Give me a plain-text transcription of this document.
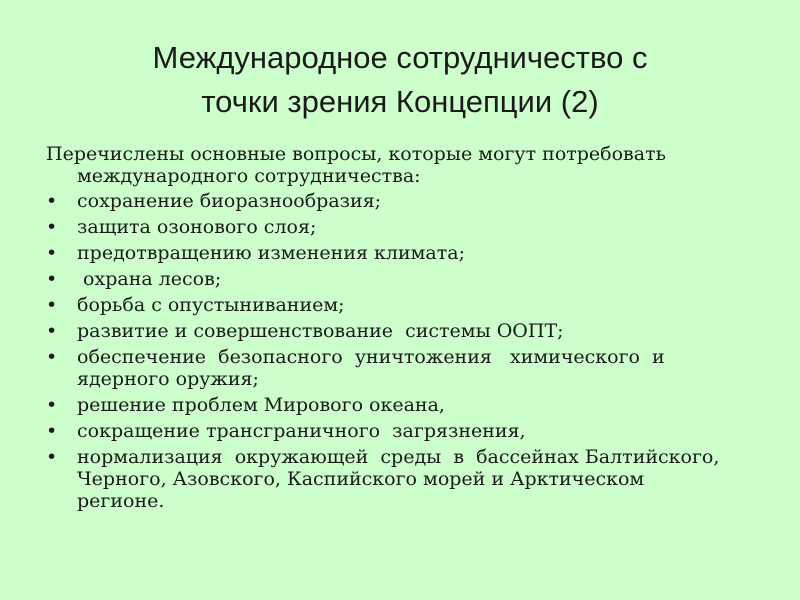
Международное сотрудничество с
точки зрения Концепции (2)

Перечислены основные вопросы, которые могут потребовать международного сотрудничества:

•	сохранение биоразнообразия;
•	защита озонового слоя;
•	предотвращению изменения климата;
•	охрана лесов;
•	борьба с опустыниванием;
•	развитие и совершенствование  системы ООПТ;
•	обеспечение  безопасного  уничтожения   химического  и ядерного оружия;
•	решение проблем Мирового океана,
•	сокращение трансграничного  загрязнения,
•	нормализация  окружающей  среды  в  бассейнах Балтийского,  Черного, Азовского, Каспийского морей и Арктическом регионе.
